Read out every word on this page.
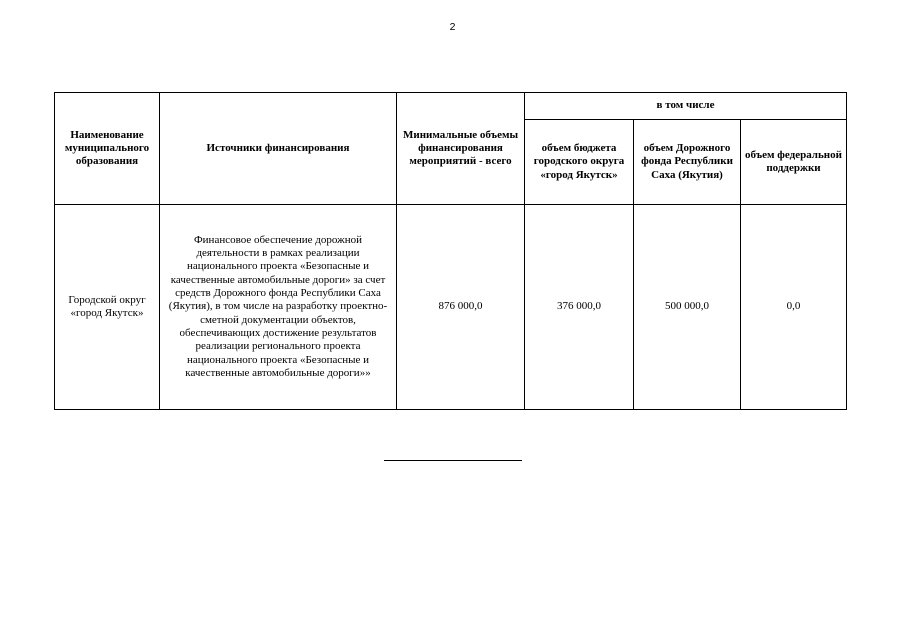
2
Наименование муниципального образования	Источники финансирования	Минимальные объемы финансирования мероприятий - всего	в том числе		
			объем бюджета городского округа «город Якутск»	объем Дорожного фонда Республики Саха (Якутия)	объем федеральной поддержки
Городской округ «город Якутск»	Финансовое обеспечение дорожной деятельности в рамках реализации национального проекта «Безопасные и качественные автомобильные дороги» за счет средств Дорожного фонда Республики Саха (Якутия), в том числе на разработку проектно-сметной документации объектов, обеспечивающих достижение результатов реализации регионального проекта национального проекта «Безопасные и качественные автомобильные дороги»»	876 000,0	376 000,0	500 000,0	0,0
